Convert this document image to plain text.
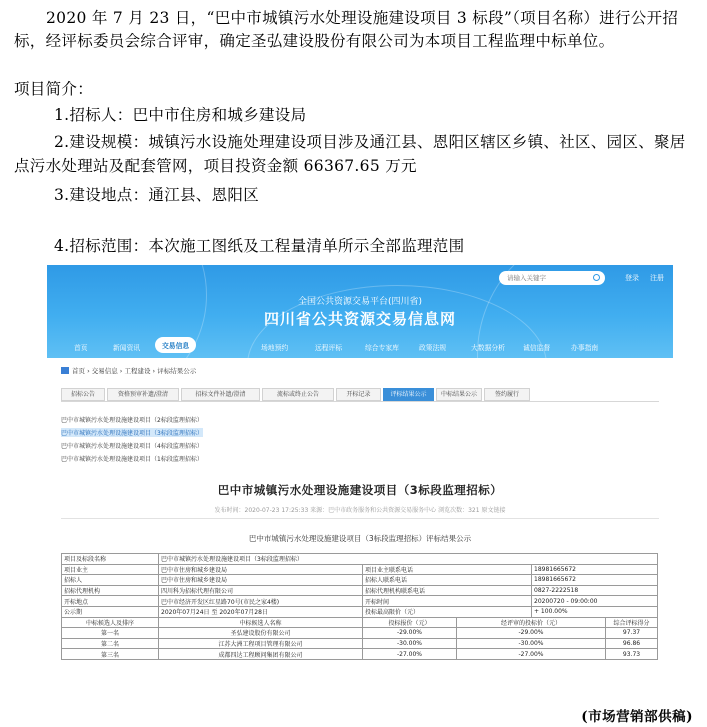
2020 年 7 月 23 日，“巴中市城镇污水处理设施建设项目 3 标段”（项目名称）进行公开招标，经评标委员会综合评审，确定圣弘建设股份有限公司为本项目工程监理中标单位。
项目简介：
1.招标人：巴中市住房和城乡建设局
2.建设规模：城镇污水设施处理建设项目涉及通江县、恩阳区辖区乡镇、社区、园区、聚居点污水处理站及配套管网，项目投资金额 66367.65 万元
3.建设地点：通江县、恩阳区
4.招标范围：本次施工图纸及工程量清单所示全部监理范围
请输入关键字	登录 注册
全国公共资源交易平台(四川省)
四川省公共资源交易信息网
首页	新闻资讯	交易信息	场地预约	远程评标	综合专家库	政策法规	大数据分析	诚信监督	办事指南
首页 › 交易信息 › 工程建设 › 评标结果公示
招标公告	资格预审补遗/澄清	招标文件补遗/澄清	流标或终止公告	开标记录	评标结果公示	中标结果公示	签约履行
巴中市城镇污水处理设施建设项目（2标段监理招标）
巴中市城镇污水处理设施建设项目（3标段监理招标）
巴中市城镇污水处理设施建设项目（4标段监理招标）
巴中市城镇污水处理设施建设项目（1标段监理招标）
巴中市城镇污水处理设施建设项目（3标段监理招标）
发布时间：2020-07-23 17:25:33 来源：巴中市政务服务和公共资源交易服务中心 浏览次数：321 原文链接
巴中市城镇污水处理设施建设项目（3标段监理招标）评标结果公示
项目及标段名称	巴中市城镇污水处理设施建设项目（3标段监理招标）				
项目业主	巴中市住房和城乡建设局	项目业主联系电话		18981665672	
招标人	巴中市住房和城乡建设局	招标人联系电话		18981665672	
招标代理机构	四川科为招标代理有限公司	招标代理机构联系电话		0827-2222518	
开标地点	巴中市经济开发区红星路70号(市民之家4楼)	开标时间		20200720 - 09:00:00	
公示期	2020年07月24日 至 2020年07月28日	投标最高限价（元）		+ 100.00%	
中标候选人及排序	中标候选人名称	投标报价（元）	经评审的投标价（元）		综合评标得分
第一名	圣弘建设股份有限公司	-29.00%	-29.00%		97.37
第二名	江苏大洲工程项目管理有限公司	-30.00%	-30.00%		96.86
第三名	成都四达工程顾问集团有限公司	-27.00%	-27.00%		93.73
(市场营销部供稿)
